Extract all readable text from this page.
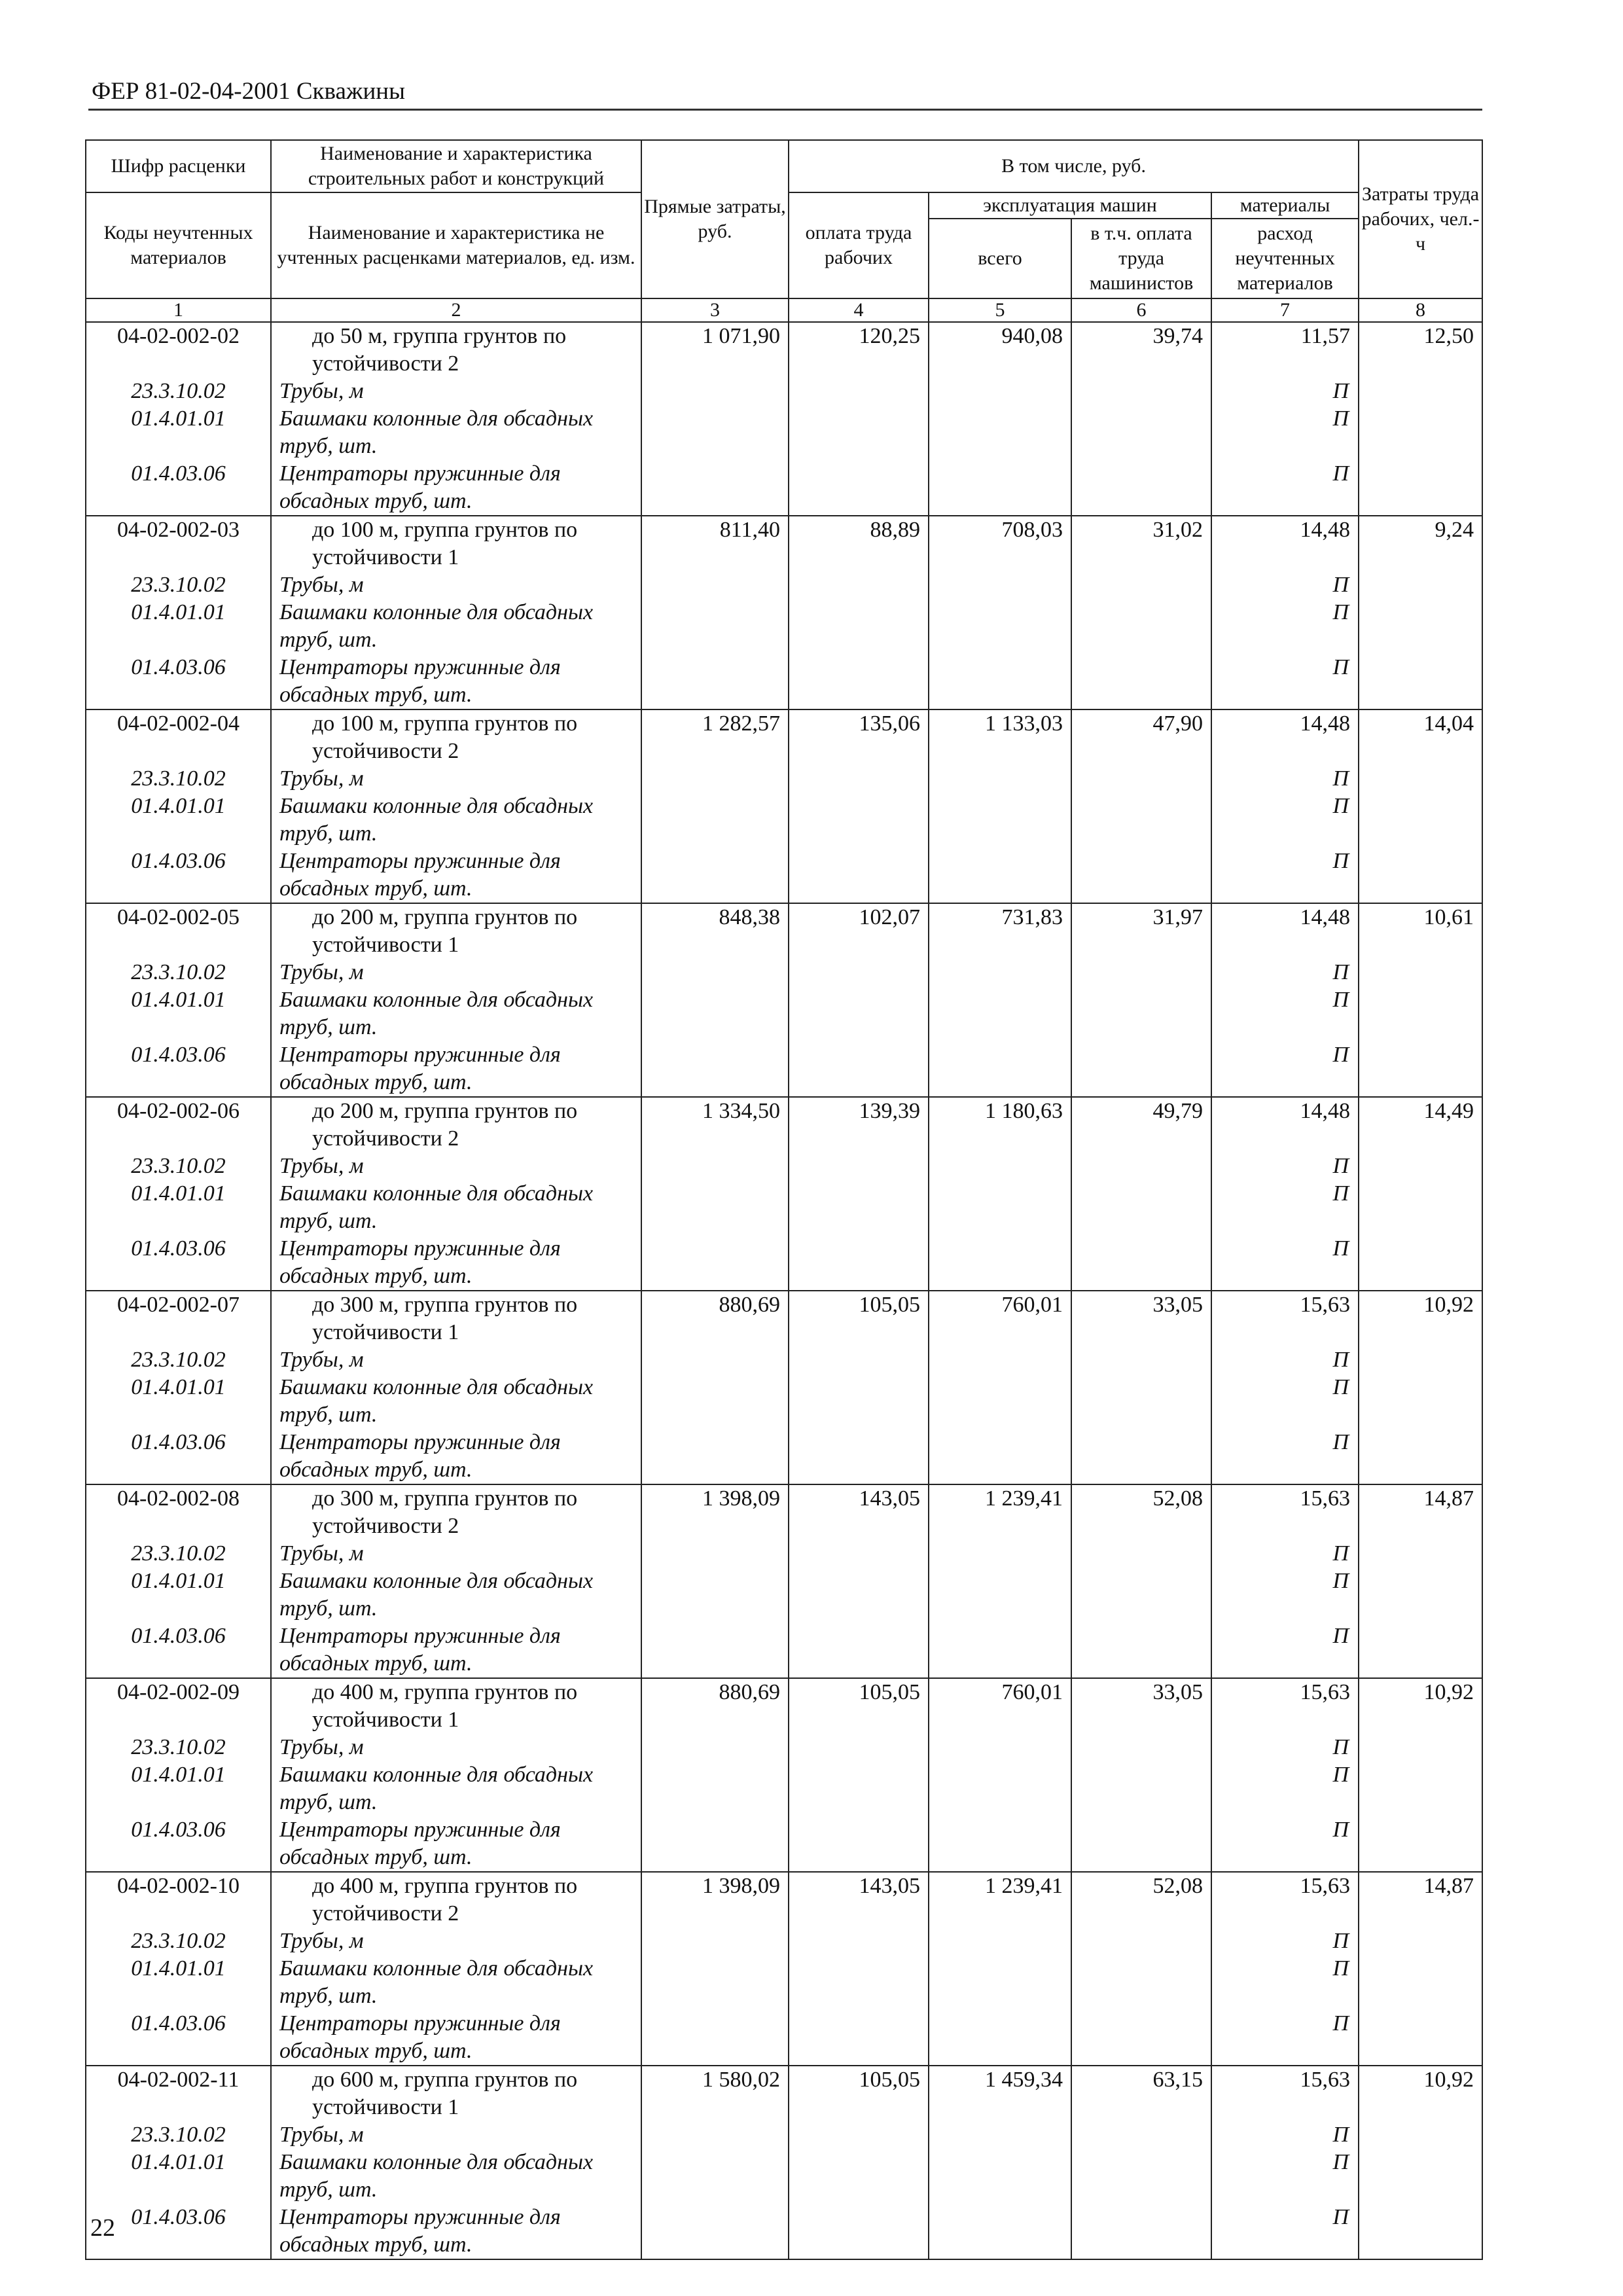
ФЕР 81-02-04-2001 Скважины
Шифр расценки	Наименование и характеристика строительных работ и конструкций	Прямые затраты, руб.	В том числе, руб.				Затраты труда рабочих, чел.-ч
Коды неучтенных материалов	Наименование и характеристика не учтенных расценками материалов, ед. изм.		оплата труда рабочих	эксплуатация машин		материалы	
				всего	в т.ч. оплата труда машинистов	расход неучтенных материалов	
1	2	3	4	5	6	7	8
04-02-002-02	до 50 м, группа грунтов по	1 071,90	120,25	940,08	39,74	11,57	12,50
	устойчивости 2						
23.3.10.02	Трубы, м					П	
01.4.01.01	Башмаки колонные для обсадных					П	
	труб, шт.						
01.4.03.06	Центраторы пружинные для					П	
	обсадных труб, шт.						
04-02-002-03	до 100 м, группа грунтов по	811,40	88,89	708,03	31,02	14,48	9,24
	устойчивости 1						
23.3.10.02	Трубы, м					П	
01.4.01.01	Башмаки колонные для обсадных					П	
	труб, шт.						
01.4.03.06	Центраторы пружинные для					П	
	обсадных труб, шт.						
04-02-002-04	до 100 м, группа грунтов по	1 282,57	135,06	1 133,03	47,90	14,48	14,04
	устойчивости 2						
23.3.10.02	Трубы, м					П	
01.4.01.01	Башмаки колонные для обсадных					П	
	труб, шт.						
01.4.03.06	Центраторы пружинные для					П	
	обсадных труб, шт.						
04-02-002-05	до 200 м, группа грунтов по	848,38	102,07	731,83	31,97	14,48	10,61
	устойчивости 1						
23.3.10.02	Трубы, м					П	
01.4.01.01	Башмаки колонные для обсадных					П	
	труб, шт.						
01.4.03.06	Центраторы пружинные для					П	
	обсадных труб, шт.						
04-02-002-06	до 200 м, группа грунтов по	1 334,50	139,39	1 180,63	49,79	14,48	14,49
	устойчивости 2						
23.3.10.02	Трубы, м					П	
01.4.01.01	Башмаки колонные для обсадных					П	
	труб, шт.						
01.4.03.06	Центраторы пружинные для					П	
	обсадных труб, шт.						
04-02-002-07	до 300 м, группа грунтов по	880,69	105,05	760,01	33,05	15,63	10,92
	устойчивости 1						
23.3.10.02	Трубы, м					П	
01.4.01.01	Башмаки колонные для обсадных					П	
	труб, шт.						
01.4.03.06	Центраторы пружинные для					П	
	обсадных труб, шт.						
04-02-002-08	до 300 м, группа грунтов по	1 398,09	143,05	1 239,41	52,08	15,63	14,87
	устойчивости 2						
23.3.10.02	Трубы, м					П	
01.4.01.01	Башмаки колонные для обсадных					П	
	труб, шт.						
01.4.03.06	Центраторы пружинные для					П	
	обсадных труб, шт.						
04-02-002-09	до 400 м, группа грунтов по	880,69	105,05	760,01	33,05	15,63	10,92
	устойчивости 1						
23.3.10.02	Трубы, м					П	
01.4.01.01	Башмаки колонные для обсадных					П	
	труб, шт.						
01.4.03.06	Центраторы пружинные для					П	
	обсадных труб, шт.						
04-02-002-10	до 400 м, группа грунтов по	1 398,09	143,05	1 239,41	52,08	15,63	14,87
	устойчивости 2						
23.3.10.02	Трубы, м					П	
01.4.01.01	Башмаки колонные для обсадных					П	
	труб, шт.						
01.4.03.06	Центраторы пружинные для					П	
	обсадных труб, шт.						
04-02-002-11	до 600 м, группа грунтов по	1 580,02	105,05	1 459,34	63,15	15,63	10,92
	устойчивости 1						
23.3.10.02	Трубы, м					П	
01.4.01.01	Башмаки колонные для обсадных					П	
	труб, шт.						
01.4.03.06	Центраторы пружинные для					П	
	обсадных труб, шт.						
22
